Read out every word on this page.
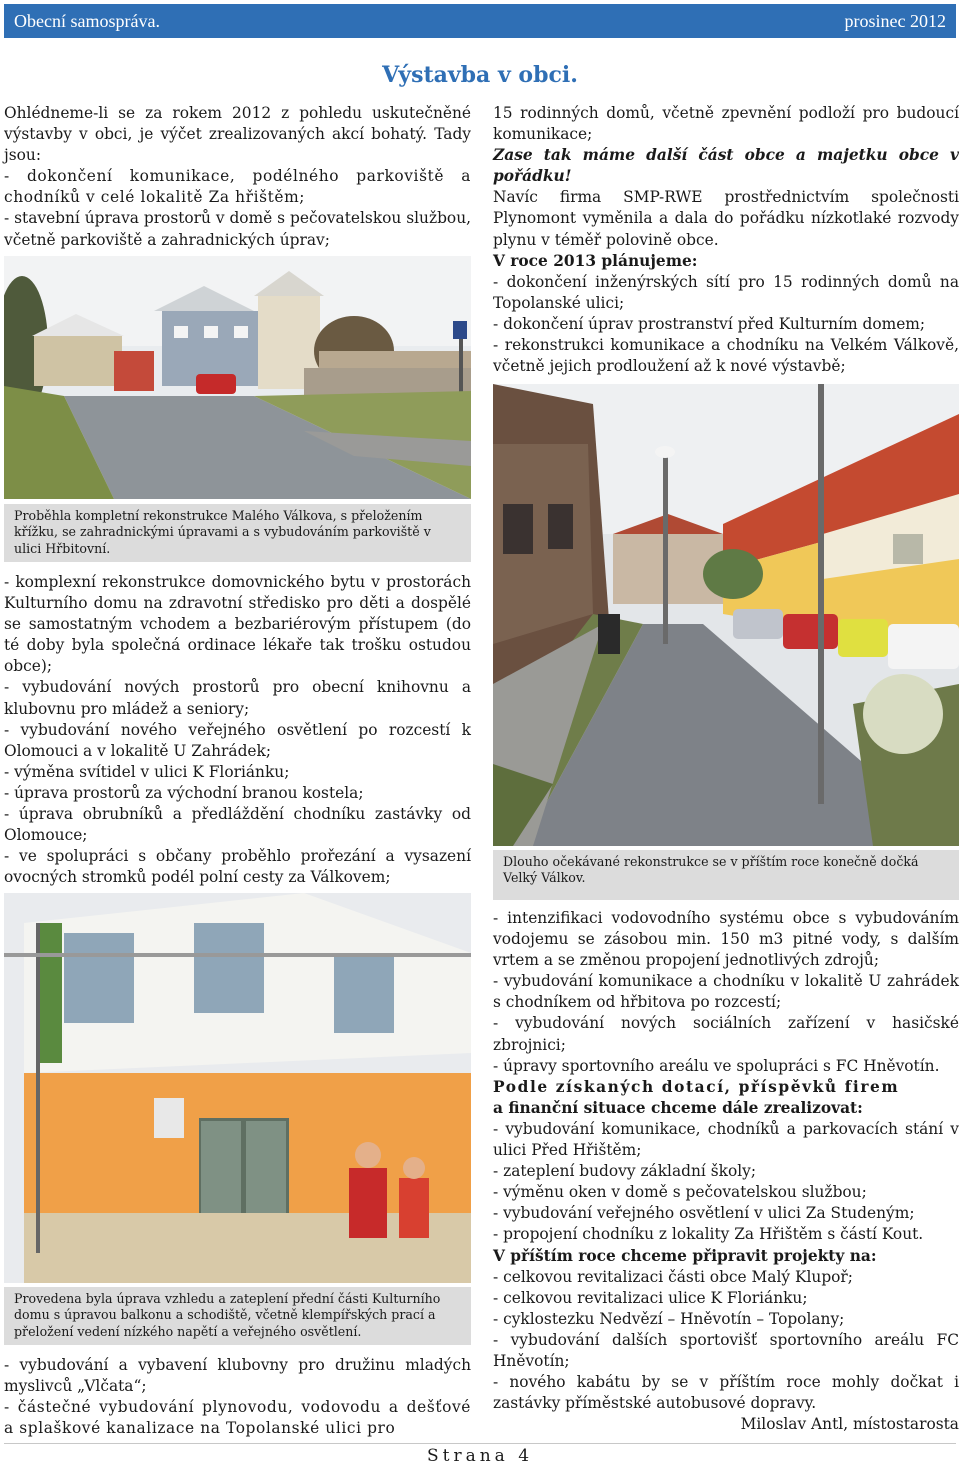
Obecní samospráva.	prosinec 2012
Výstavba v obci.

Ohlédneme-li se za rokem 2012 z pohledu uskutečněné výstavby v obci, je výčet zrealizovaných akcí bohatý. Tady jsou:

- dokončení komunikace, podélného parkoviště a chodníků v celé lokalitě Za hřištěm;

- stavební úprava prostorů v domě s pečovatelskou službou, včetně parkoviště a zahradnických úprav;

Proběhla kompletní rekonstrukce Malého Válkova, s přeložením křížku, se zahradnickými úpravami a s vybudováním parkoviště v ulici Hřbitovní.

- komplexní rekonstrukce domovnického bytu v prostorách Kulturního domu na zdravotní středisko pro děti a dospělé se samostatným vchodem a bezbariérovým přístupem (do té doby byla společná ordinace lékaře tak trošku ostudou obce);

- vybudování nových prostorů pro obecní knihovnu a klubovnu pro mládež a seniory;

- vybudování nového veřejného osvětlení po rozcestí k Olomouci a v lokalitě U Zahrádek;

- výměna svítidel v ulici K Floriánku;

- úprava prostorů za východní branou kostela;

- úprava obrubníků a předláždění chodníku zastávky od Olomouce;

- ve spolupráci s občany proběhlo prořezání a vysazení ovocných stromků podél polní cesty za Válkovem;

Provedena byla úprava vzhledu a zateplení přední části Kulturního domu s úpravou balkonu a schodiště, včetně klempířských prací a přeložení vedení nízkého napětí a veřejného osvětlení.

- vybudování a vybavení klubovny pro družinu mladých myslivců „Vlčata“;

- částečné vybudování plynovodu, vodovodu a dešťové a splaškové kanalizace na Topolanské ulici pro

15 rodinných domů, včetně zpevnění podloží pro budoucí komunikace;

Zase tak máme další část obce a majetku obce v pořádku!

Navíc firma SMP-RWE prostřednictvím společnosti Plynomont vyměnila a dala do pořádku nízkotlaké rozvody plynu v téměř polovině obce.

V roce 2013 plánujeme:

- dokončení inženýrských sítí pro 15 rodinných domů na Topolanské ulici;

- dokončení úprav prostranství před Kulturním domem;

- rekonstrukci komunikace a chodníku na Velkém Válkově, včetně jejich prodloužení až k nové výstavbě;

Dlouho očekávané rekonstrukce se v příštím roce konečně dočká Velký Válkov.

- intenzifikaci vodovodního systému obce s vybudováním vodojemu se zásobou min. 150 m3 pitné vody, s dalším vrtem a se změnou propojení jednotlivých zdrojů;

- vybudování komunikace a chodníku v lokalitě U zahrádek s chodníkem od hřbitova po rozcestí;

- vybudování nových sociálních zařízení v hasičské zbrojnici;

- úpravy sportovního areálu ve spolupráci s FC Hněvotín.

Podle získaných dotací, příspěvků firem

a finanční situace chceme dále zrealizovat:

- vybudování komunikace, chodníků a parkovacích stání v ulici Před Hřištěm;

- zateplení budovy základní školy;

- výměnu oken v domě s pečovatelskou službou;

- vybudování veřejného osvětlení v ulici Za Studeným;

- propojení chodníku z lokality Za Hřištěm s částí Kout.

V příštím roce chceme připravit projekty na:

- celkovou revitalizaci části obce Malý Klupoř;

- celkovou revitalizaci ulice K Floriánku;

- cyklostezku Nedvězí – Hněvotín – Topolany;

- vybudování dalších sportovišť sportovního areálu FC Hněvotín;

- nového kabátu by se v příštím roce mohly dočkat i zastávky příměstské autobusové dopravy.

Miloslav Antl, místostarosta

Strana 4
